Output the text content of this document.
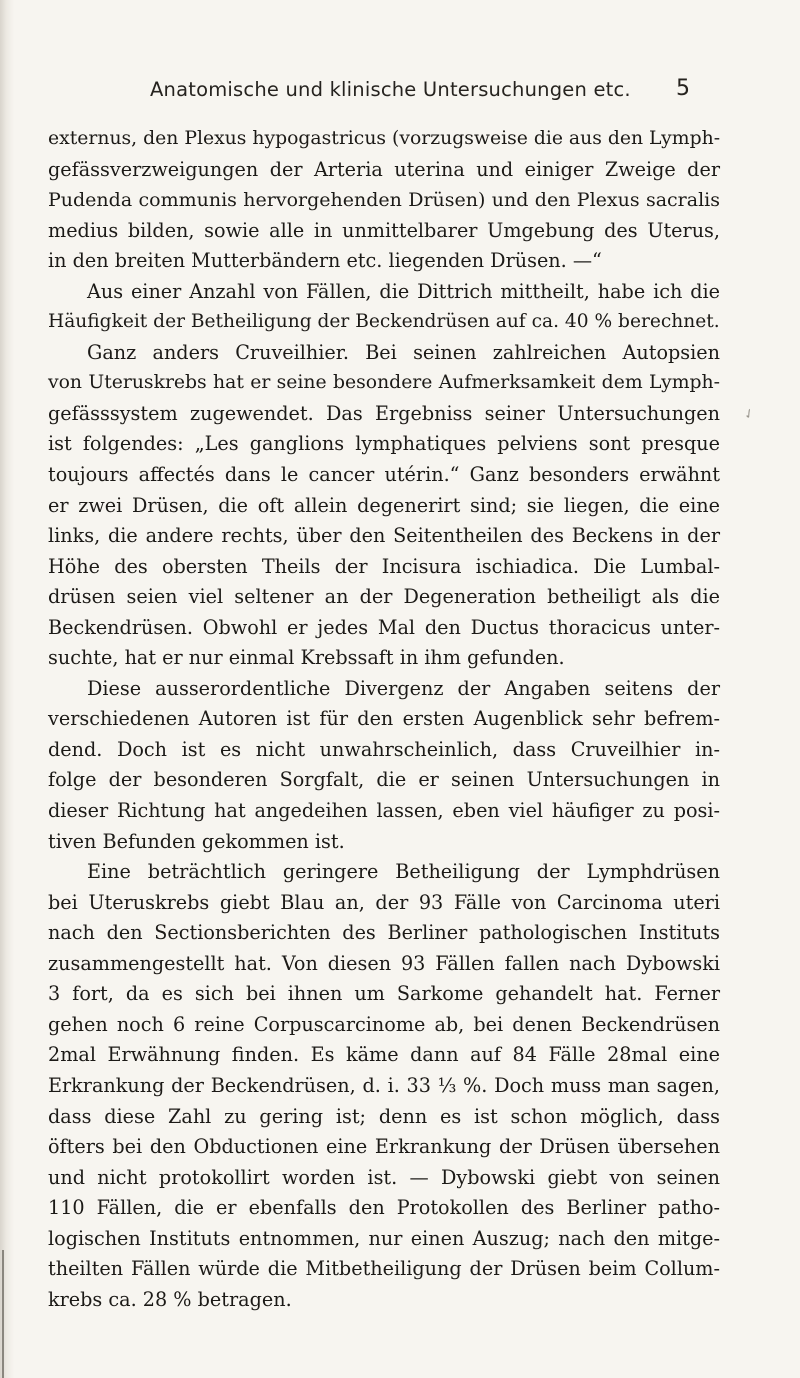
Anatomische und klinische Untersuchungen etc. 5
externus, den Plexus hypogastricus (vorzugsweise die aus den Lymph-
gefässverzweigungen der Arteria uterina und einiger Zweige der
Pudenda communis hervorgehenden Drüsen) und den Plexus sacralis
medius bilden, sowie alle in unmittelbarer Umgebung des Uterus,
in den breiten Mutterbändern etc. liegenden Drüsen. —“
Aus einer Anzahl von Fällen, die Dittrich mittheilt, habe ich die
Häufigkeit der Betheiligung der Beckendrüsen auf ca. 40 % berechnet.
Ganz anders Cruveilhier. Bei seinen zahlreichen Autopsien
von Uteruskrebs hat er seine besondere Aufmerksamkeit dem Lymph-
gefässsystem zugewendet. Das Ergebniss seiner Untersuchungen
ist folgendes: „Les ganglions lymphatiques pelviens sont presque
toujours affectés dans le cancer utérin.“ Ganz besonders erwähnt
er zwei Drüsen, die oft allein degenerirt sind; sie liegen, die eine
links, die andere rechts, über den Seitentheilen des Beckens in der
Höhe des obersten Theils der Incisura ischiadica. Die Lumbal-
drüsen seien viel seltener an der Degeneration betheiligt als die
Beckendrüsen. Obwohl er jedes Mal den Ductus thoracicus unter-
suchte, hat er nur einmal Krebssaft in ihm gefunden.
Diese ausserordentliche Divergenz der Angaben seitens der
verschiedenen Autoren ist für den ersten Augenblick sehr befrem-
dend. Doch ist es nicht unwahrscheinlich, dass Cruveilhier in-
folge der besonderen Sorgfalt, die er seinen Untersuchungen in
dieser Richtung hat angedeihen lassen, eben viel häufiger zu posi-
tiven Befunden gekommen ist.
Eine beträchtlich geringere Betheiligung der Lymphdrüsen
bei Uteruskrebs giebt Blau an, der 93 Fälle von Carcinoma uteri
nach den Sectionsberichten des Berliner pathologischen Instituts
zusammengestellt hat. Von diesen 93 Fällen fallen nach Dybowski
3 fort, da es sich bei ihnen um Sarkome gehandelt hat. Ferner
gehen noch 6 reine Corpuscarcinome ab, bei denen Beckendrüsen
2mal Erwähnung finden. Es käme dann auf 84 Fälle 28mal eine
Erkrankung der Beckendrüsen, d. i. 33 ⅓ %. Doch muss man sagen,
dass diese Zahl zu gering ist; denn es ist schon möglich, dass
öfters bei den Obductionen eine Erkrankung der Drüsen übersehen
und nicht protokollirt worden ist. — Dybowski giebt von seinen
110 Fällen, die er ebenfalls den Protokollen des Berliner patho-
logischen Instituts entnommen, nur einen Auszug; nach den mitge-
theilten Fällen würde die Mitbetheiligung der Drüsen beim Collum-
krebs ca. 28 % betragen.
✓
